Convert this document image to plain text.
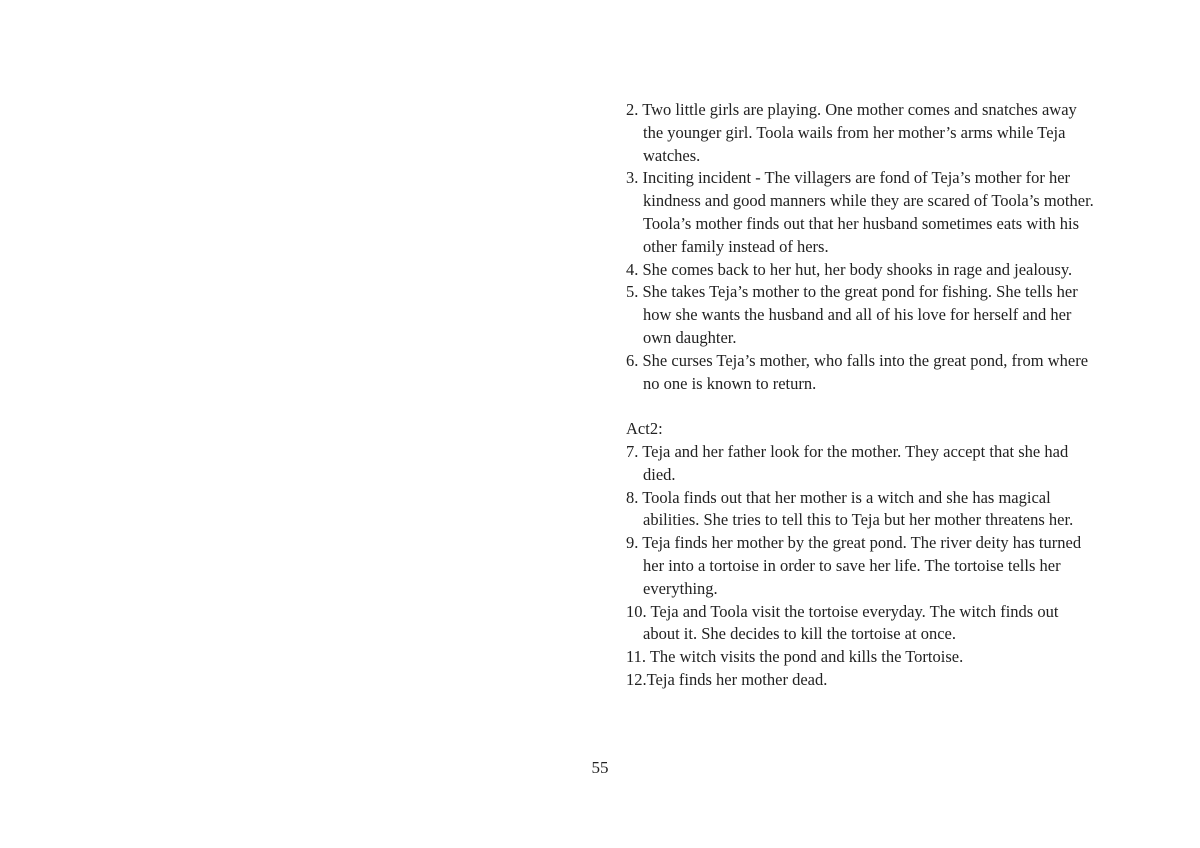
2. Two little girls are playing. One mother comes and snatches away the younger girl. Toola wails from her mother’s arms while Teja watches.
3. Inciting incident - The villagers are fond of Teja’s mother for her kindness and good manners while they are scared of Toola’s mother. Toola’s mother finds out that her husband sometimes eats with his other family instead of hers.
4. She comes back to her hut, her body shooks in rage and jealousy.
5. She takes Teja’s mother to the great pond for fishing. She tells her how she wants the husband and all of his love for herself and her own daughter.
6. She curses Teja’s mother, who falls into the great pond, from where no one is known to return.
Act2:
7. Teja and her father look for the mother. They accept that she had died.
8. Toola finds out that her mother is a witch and she has magical abilities. She tries to tell this to Teja but her mother threatens her.
9. Teja finds her mother by the great pond. The river deity has turned her into a tortoise in order to save her life. The tortoise tells her everything.
10. Teja and Toola visit the tortoise everyday. The witch finds out about it. She decides to kill the tortoise at once.
11. The witch visits the pond and kills the Tortoise.
12.Teja finds her mother dead.
55
